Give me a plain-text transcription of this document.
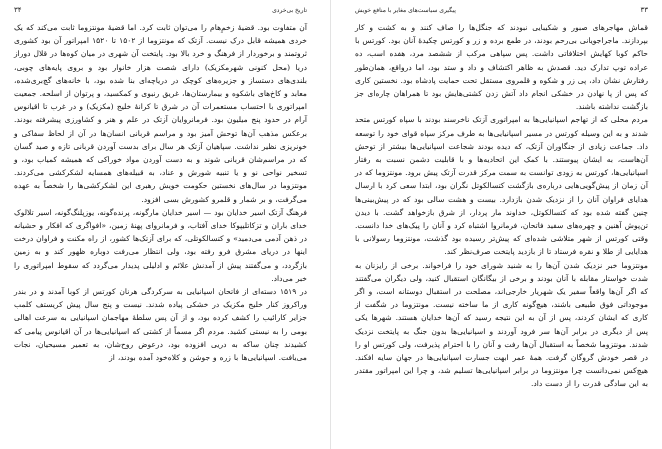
تاریخ بی‌خردی
۳۴

آن متفاوت بود. قضیهٔ زخمِ‌هام را می‌توان ثابت کرد. اما قضیهٔ مونتزوما ثابت می‌کند که یک خردی همیشه قابل درک نیست. آزتک که مونتزوما از ۱۵۰۲ تا ۱۵۲۰ امپراتور آن بود کشوری ثروتمند و برخوردار از فرهنگ و خرد بالا بود. پایتخت آن شهری در میان کوه‌ها در قلال دوراز دریا (محل کنونی شهرمکزیک) دارای شصت هزار خانوار بود و بروی پایه‌های چوبی، بلندی‌های دستساز و جزیره‌های کوچک در دریاچه‌ای بنا شده بود، با خانه‌های گچ‌بری‌شده، معابد و کاخ‌های باشکوه و بیمارستان‌ها، غریق رنبوی و کمکسید، و پرتوان از اسلحه. جمعیت امپراتوری با احتساب مستعمرات آن در شرق تا کرانهٔ خلیج (مکزیک) و در غرب تا اقیانوس آرام در حدود پنج میلیون بود. فرمانروایان آزتک در علم و هنر و کشاورزی پیشرفته بودند. برعکس مذهب آن‌ها توحش آمیز بود و مراسم قربانی انسان‌ها در آن از لحاظ سفاکی و خونریزی نظیر نداشت. سپاهیان آزتک هر سال برای بدست آوردن قربانی تازه و صید گسان که در مراسم‌شان قربانی شوند و به دست آوردن مواد خوراکی که همیشه کمیاب بود، و تسخیر نواحی نو و یا تنبیه شورش و عناد، به قبیله‌های همسایه لشکرکشی می‌کردند. مونتزوما در سال‌های نخستین حکومت خویش رهبری این لشکرکشی‌ها را شخصاً به عهده می‌گرفت، و بر شمار و قلمرو کشورش بسی افزود.

فرهنگ آزتک اسیر خدایان بود — اسیر خدایان مارگونه، پرنده‌گونه، یوزپلنگ‌گونه، اسیر تلالوک خدای باران و تزکاتلیپوکا خدای آفتاب، و فرمانروای پهنهٔ زمین، «افواگری که افکار و حشیانه در ذهن آدمی می‌دمید» و کتسالکوتلی، که برای آزتک‌ها کشور، از راه مکنت و فراوان درخت اینها در دریای مشرق فرو رفته بود، ولی انتظار می‌رفت دوباره ظهور کند و به زمین بازگردد، و می‌گفتند پیش از آمدنش علائم و ادلیلی پدیدار می‌گردد که سقوط امپراتوری را خبر می‌داد.

در ۱۵۱۹ دسته‌ای از فاتحان اسپانیایی به سرکردگی هرنان کورتس از کوبا آمدند و در بندر وراکروز کنار خلیج مکزیک در خشکی پیاده شدند. نیست و پنج سال پیش کریستف کلمب جزایر کارائیب را کشف کرده بود، و از آن پس سلطهٔ مهاجمان اسپانیایی به سرعت اهالی بومی را به نیستی کشید. مردم اگر مسماً از کشتی که اسپانیایی‌ها در آن اقیانوس پیامی که کشیدند چنان ساکه به دریی افزوده بود، درعوض روح‌شان، به تعمیر مسیحیان، نجات می‌یافت. اسپانیایی‌ها با زره و جوشن و کلاه‌خود آمده بودند، از

۳۳
پیگیری سیاست‌های مغایر با منافع خویش

قماش مهاجرهای صبور و شکیبایی نبودند که جنگل‌ها را صاف کنند و به کشت و کار بپردازند. ماجراجویانی بی‌رحم بودند، در طمع برده و زر و کورتس چکیدهٔ آنان بود. کورتس با حاکم کوبا کهایش اختلافاتی داشت. پس سپاهی مرکب از ششصد مرد، هفده اسب، ده عراده توپ تدارک دید. قصدش به ظاهر اکتشاف و داد و ستد بود، اما درواقع، همان‌طور رفتارش نشان داد، پی زر و شکوه و قلمروی مستقل تحت حمایت پادشاه بود. نخستین کاری که پس از پا نهادن در خشکی انجام داد آتش زدن کشتی‌هایش بود تا همراهان چاره‌ای جز بازگشت نداشته باشند.

مردم محلی که از تهاجم اسپانیایی‌ها به امپراتوری آزتک ناخرسند بودند با سپاه کورتس متحد شدند و به این وسیله کورتس در مسیر اسپانیایی‌ها به طرف مرکز سپاه قوای خود را توسعه داد. جماعت زیادی از جنگاوران آزتک، که دیده بودند شجاعت اسپانیایی‌ها بیشتر از توحش آن‌هاست، به ایشان پیوستند. با کمک این اتحادیه‌ها و با قابلیت دشمن نسبت به رفتار اسپانیایی‌ها، کورتس به زودی توانست به سمت مرکز قدرت آزتک پیش برود. مونتزوما که در آن زمان از پیش‌گویی‌هایی درباره‌ی بازگشت کتسالکوتل نگران بود، ابتدا سعی کرد با ارسال هدایای فراوان آنان را از نزدیک شدن بازدارد. بیست و هشت سالی بود که در پیش‌بینی‌ها چنین گفته شده بود که کتسالکوتل، خداوند مار پردار، از شرق بازخواهد گشت. با دیدن تن‌پوش آهنین و چهره‌های سفید فاتحان، فرمانروا اشتباه کرد و آنان را پیک‌های خدا دانست. وقتی کورتس از شهر متلاشی شده‌ای که پیش‌تر رسیده بود گذشت، مونتزوما رسولانی با هدایایی از طلا و نقره فرستاد تا از بازدید پایتخت صرف‌نظر کند.

مونتزوما خبر نزدیک شدن آن‌ها را به شنید شورای خود را فراخواند. برخی از رایزنان به شدت خواستار مقابله با آنان بودند و برخی از بیگانگان استقبال کنید، ولی دیگران می‌گفتند که اگر آن‌ها واقعاً سفیر یک شهریار خارجی‌اند، مصلحت در استقبال دوستانه است، و اگر موجوداتی فوق طبیعی باشند، هیچ‌گونه کاری از ما ساخته نیست. مونتزوما در شگفت از کاری که ایشان کردند، پس از آن به این نتیجه رسید که آن‌ها خدایان هستند. شهرها یکی پس از دیگری در برابر آن‌ها سر فرود آوردند و اسپانیایی‌ها بدون جنگ به پایتخت نزدیک شدند. مونتزوما شخصاً به استقبال آن‌ها رفت و آنان را با احترام پذیرفت، ولی کورتس او را در قصر خودش گروگان گرفت. همهٔ عمر ابهت جسارت اسپانیایی‌ها در جهان سایه افکند. هیچ‌کس نمی‌دانست چرا مونتزوما در برابر اسپانیایی‌ها تسلیم شد، و چرا این امپراتور مقتدر به این سادگی قدرت را از دست داد.
